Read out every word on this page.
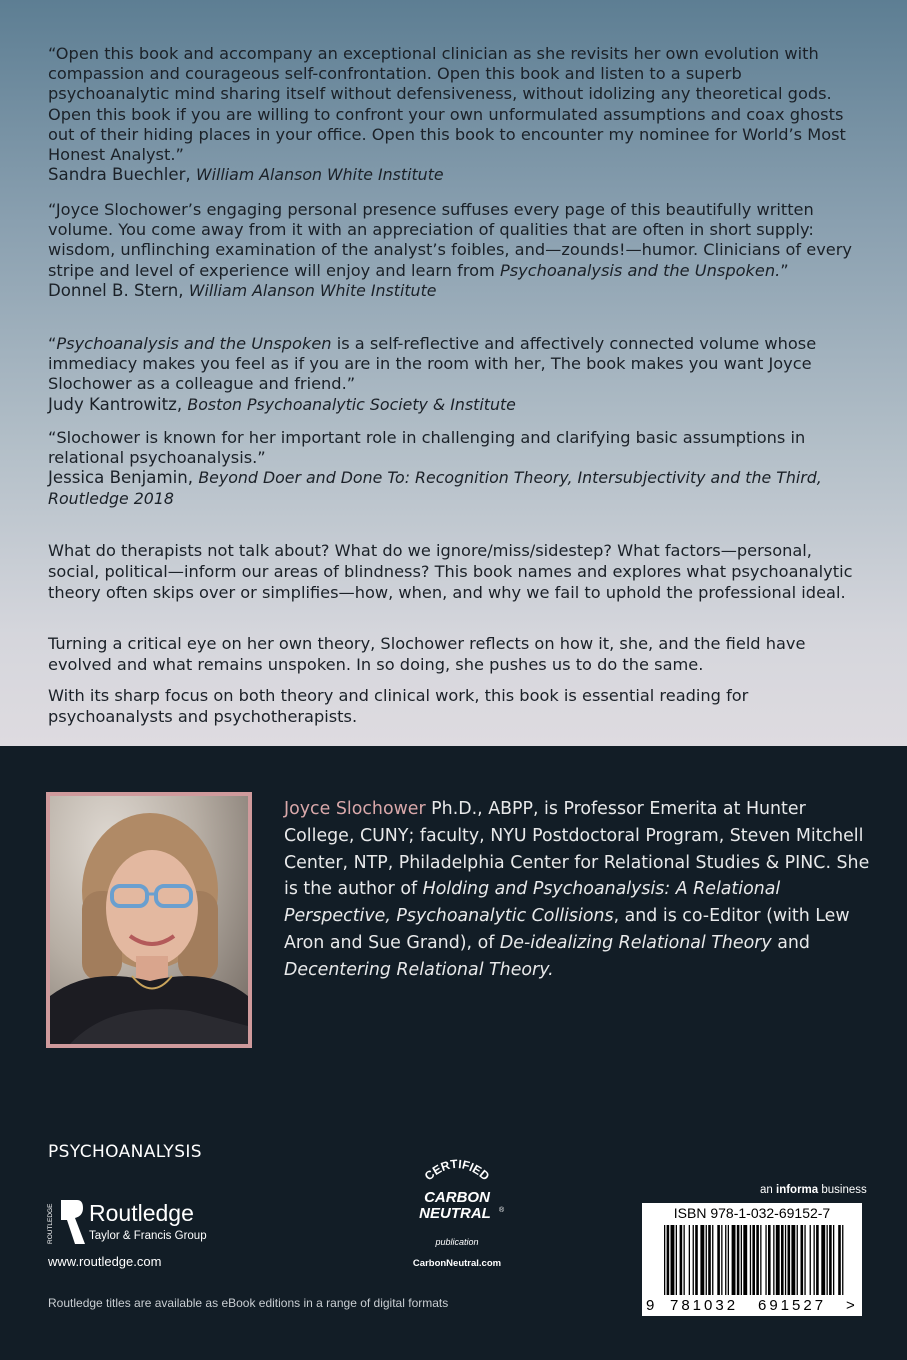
“Open this book and accompany an exceptional clinician as she revisits her own evolution with compassion and courageous self-confrontation. Open this book and listen to a superb psychoanalytic mind sharing itself without defensiveness, without idolizing any theoretical gods. Open this book if you are willing to confront your own unformulated assumptions and coax ghosts out of their hiding places in your office. Open this book to encounter my nominee for World’s Most Honest Analyst.”

Sandra Buechler, William Alanson White Institute

“Joyce Slochower’s engaging personal presence suffuses every page of this beautifully written volume. You come away from it with an appreciation of qualities that are often in short supply: wisdom, unflinching examination of the analyst’s foibles, and—zounds!—humor. Clinicians of every stripe and level of experience will enjoy and learn from Psychoanalysis and the Unspoken.”

Donnel B. Stern, William Alanson White Institute

“Psychoanalysis and the Unspoken is a self-reflective and affectively connected volume whose immediacy makes you feel as if you are in the room with her, The book makes you want Joyce Slochower as a colleague and friend.”

Judy Kantrowitz, Boston Psychoanalytic Society & Institute

“Slochower is known for her important role in challenging and clarifying basic assumptions in relational psychoanalysis.”

Jessica Benjamin, Beyond Doer and Done To: Recognition Theory, Intersubjectivity and the Third, Routledge 2018

What do therapists not talk about? What do we ignore/miss/sidestep? What factors—personal, social, political—inform our areas of blindness? This book names and explores what psychoanalytic theory often skips over or simplifies—how, when, and why we fail to uphold the professional ideal.

Turning a critical eye on her own theory, Slochower reflects on how it, she, and the field have evolved and what remains unspoken. In so doing, she pushes us to do the same.

With its sharp focus on both theory and clinical work, this book is essential reading for psychoanalysts and psychotherapists.

Joyce Slochower Ph.D., ABPP, is Professor Emerita at Hunter College, CUNY; faculty, NYU Postdoctoral Program, Steven Mitchell Center, NTP, Philadelphia Center for Relational Studies & PINC. She is the author of Holding and Psychoanalysis: A Relational Perspective, Psychoanalytic Collisions, and is co-Editor (with Lew Aron and Sue Grand), of De-idealizing Relational Theory and Decentering Relational Theory.

PSYCHOANALYSIS
ROUTLEDGE Routledge
Taylor & Francis Group
www.routledge.com
Routledge titles are available as eBook editions in a range of digital formats
CERTIFIED
CARBON
NEUTRAL ®
publication
CarbonNeutral.com
an informa business
ISBN 978-1-032-69152-7
9 781032 691527 >
